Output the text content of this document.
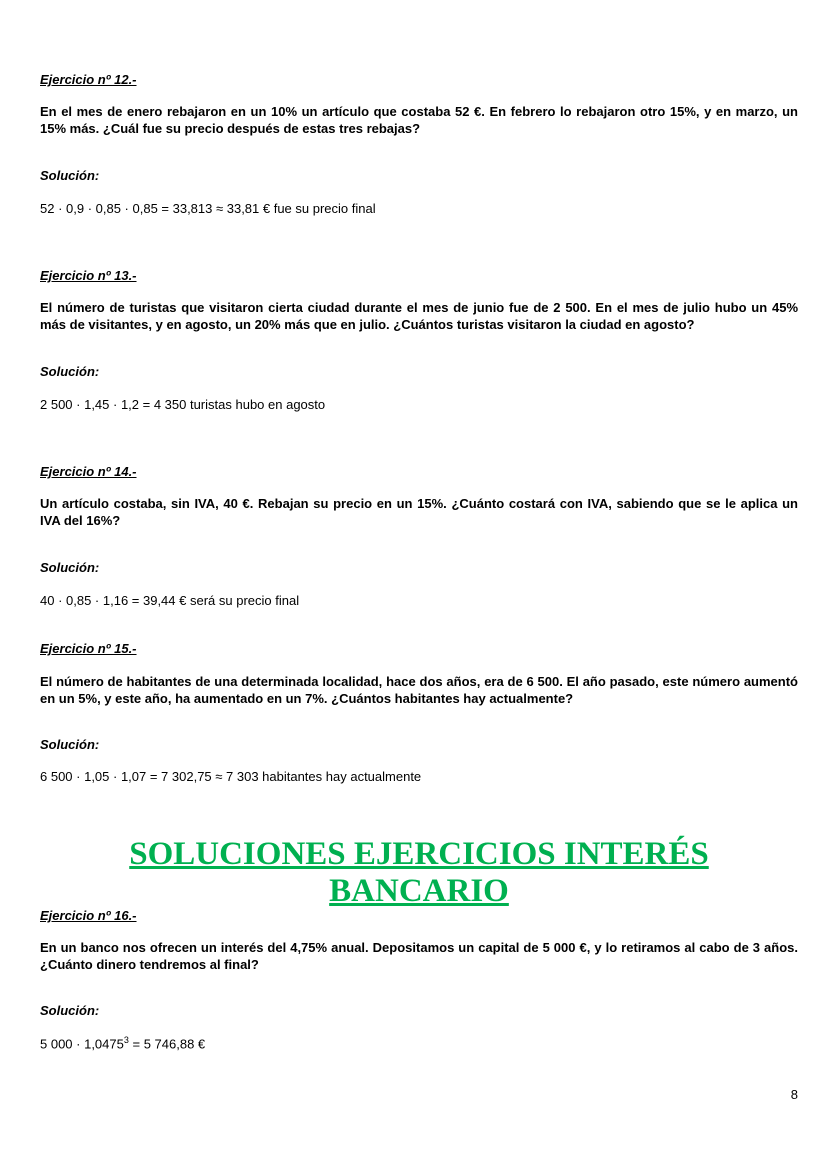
Ejercicio nº 12.-

En el mes de enero rebajaron en un 10% un artículo que costaba 52 €. En febrero lo rebajaron otro 15%, y en marzo, un 15% más. ¿Cuál fue su precio después de estas tres rebajas?

Solución:

52 · 0,9 · 0,85 · 0,85 = 33,813 ≈ 33,81 € fue su precio final

Ejercicio nº 13.-

El número de turistas que visitaron cierta ciudad durante el mes de junio fue de 2 500. En el mes de julio hubo un 45% más de visitantes, y en agosto, un 20% más que en julio. ¿Cuántos turistas visitaron la ciudad en agosto?

Solución:

2 500 · 1,45 · 1,2 = 4 350 turistas hubo en agosto

Ejercicio nº 14.-

Un artículo costaba, sin IVA, 40 €. Rebajan su precio en un 15%. ¿Cuánto costará con IVA, sabiendo que se le aplica un IVA del 16%?

Solución:

40 · 0,85 · 1,16 = 39,44 € será su precio final

Ejercicio nº 15.-

El número de habitantes de una determinada localidad, hace dos años, era de 6 500. El año pasado, este número aumentó en un 5%, y este año, ha aumentado en un 7%. ¿Cuántos habitantes hay actualmente?

Solución:

6 500 · 1,05 · 1,07 = 7 302,75 ≈ 7 303 habitantes hay actualmente

SOLUCIONES EJERCICIOS INTERÉS BANCARIO

Ejercicio nº 16.-

En un banco nos ofrecen un interés del 4,75% anual. Depositamos un capital de 5 000 €, y lo retiramos al cabo de 3 años. ¿Cuánto dinero tendremos al final?

Solución:

5 $000 \cdot 1,0475^3 = 5$ 746,88 €

8
